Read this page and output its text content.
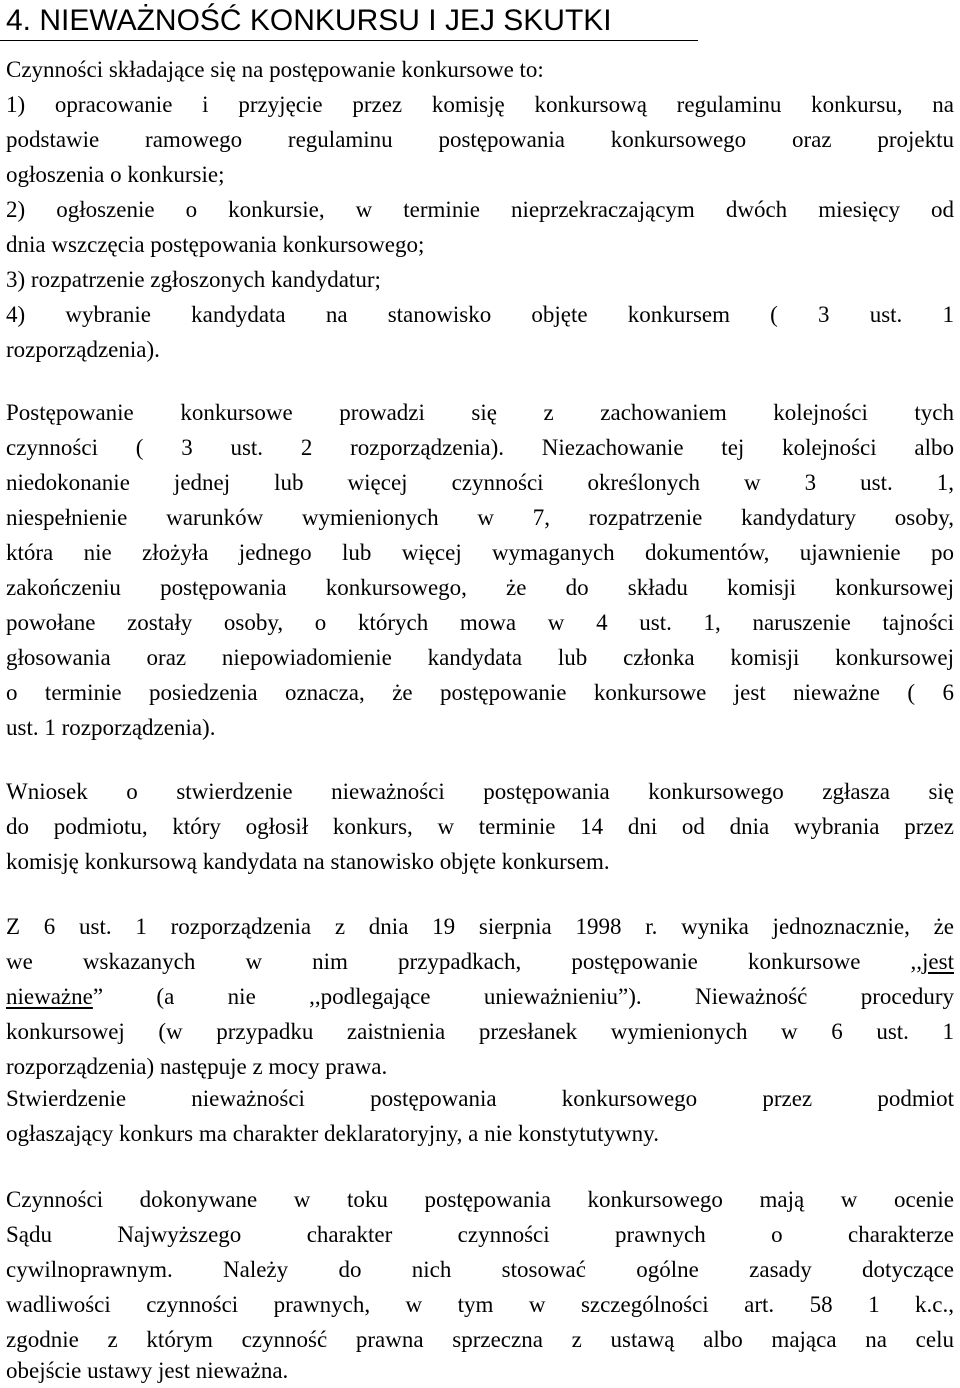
4. NIEWAŻNOŚĆ KONKURSU I JEJ SKUTKI
Czynności składające się na postępowanie konkursowe to:
1) opracowanie i przyjęcie przez komisję konkursową regulaminu konkursu, na
podstawie ramowego regulaminu postępowania konkursowego oraz projektu
ogłoszenia o konkursie;
2) ogłoszenie o konkursie, w terminie nieprzekraczającym dwóch miesięcy od
dnia wszczęcia postępowania konkursowego;
3) rozpatrzenie zgłoszonych kandydatur;
4) wybranie kandydata na stanowisko objęte konkursem ( 3 ust. 1
rozporządzenia).
Postępowanie konkursowe prowadzi się z zachowaniem kolejności tych
czynności ( 3 ust. 2 rozporządzenia). Niezachowanie tej kolejności albo
niedokonanie jednej lub więcej czynności określonych w 3 ust. 1,
niespełnienie warunków wymienionych w 7, rozpatrzenie kandydatury osoby,
która nie złożyła jednego lub więcej wymaganych dokumentów, ujawnienie po
zakończeniu postępowania konkursowego, że do składu komisji konkursowej
powołane zostały osoby, o których mowa w 4 ust. 1, naruszenie tajności
głosowania oraz niepowiadomienie kandydata lub członka komisji konkursowej
o terminie posiedzenia oznacza, że postępowanie konkursowe jest nieważne ( 6
ust. 1 rozporządzenia).
Wniosek o stwierdzenie nieważności postępowania konkursowego zgłasza się
do podmiotu, który ogłosił konkurs, w terminie 14 dni od dnia wybrania przez
komisję konkursową kandydata na stanowisko objęte konkursem.
Z 6 ust. 1 rozporządzenia z dnia 19 sierpnia 1998 r. wynika jednoznacznie, że
we wskazanych w nim przypadkach, postępowanie konkursowe ,,jest
nieważne” (a nie ,,podlegające unieważnieniu”). Nieważność procedury
konkursowej (w przypadku zaistnienia przesłanek wymienionych w 6 ust. 1
rozporządzenia) następuje z mocy prawa.
Stwierdzenie nieważności postępowania konkursowego przez podmiot
ogłaszający konkurs ma charakter deklaratoryjny, a nie konstytutywny.
Czynności dokonywane w toku postępowania konkursowego mają w ocenie
Sądu Najwyższego charakter czynności prawnych o charakterze
cywilnoprawnym. Należy do nich stosować ogólne zasady dotyczące
wadliwości czynności prawnych, w tym w szczególności art. 58 1 k.c.,
zgodnie z którym czynność prawna sprzeczna z ustawą albo mająca na celu
obejście ustawy jest nieważna.
